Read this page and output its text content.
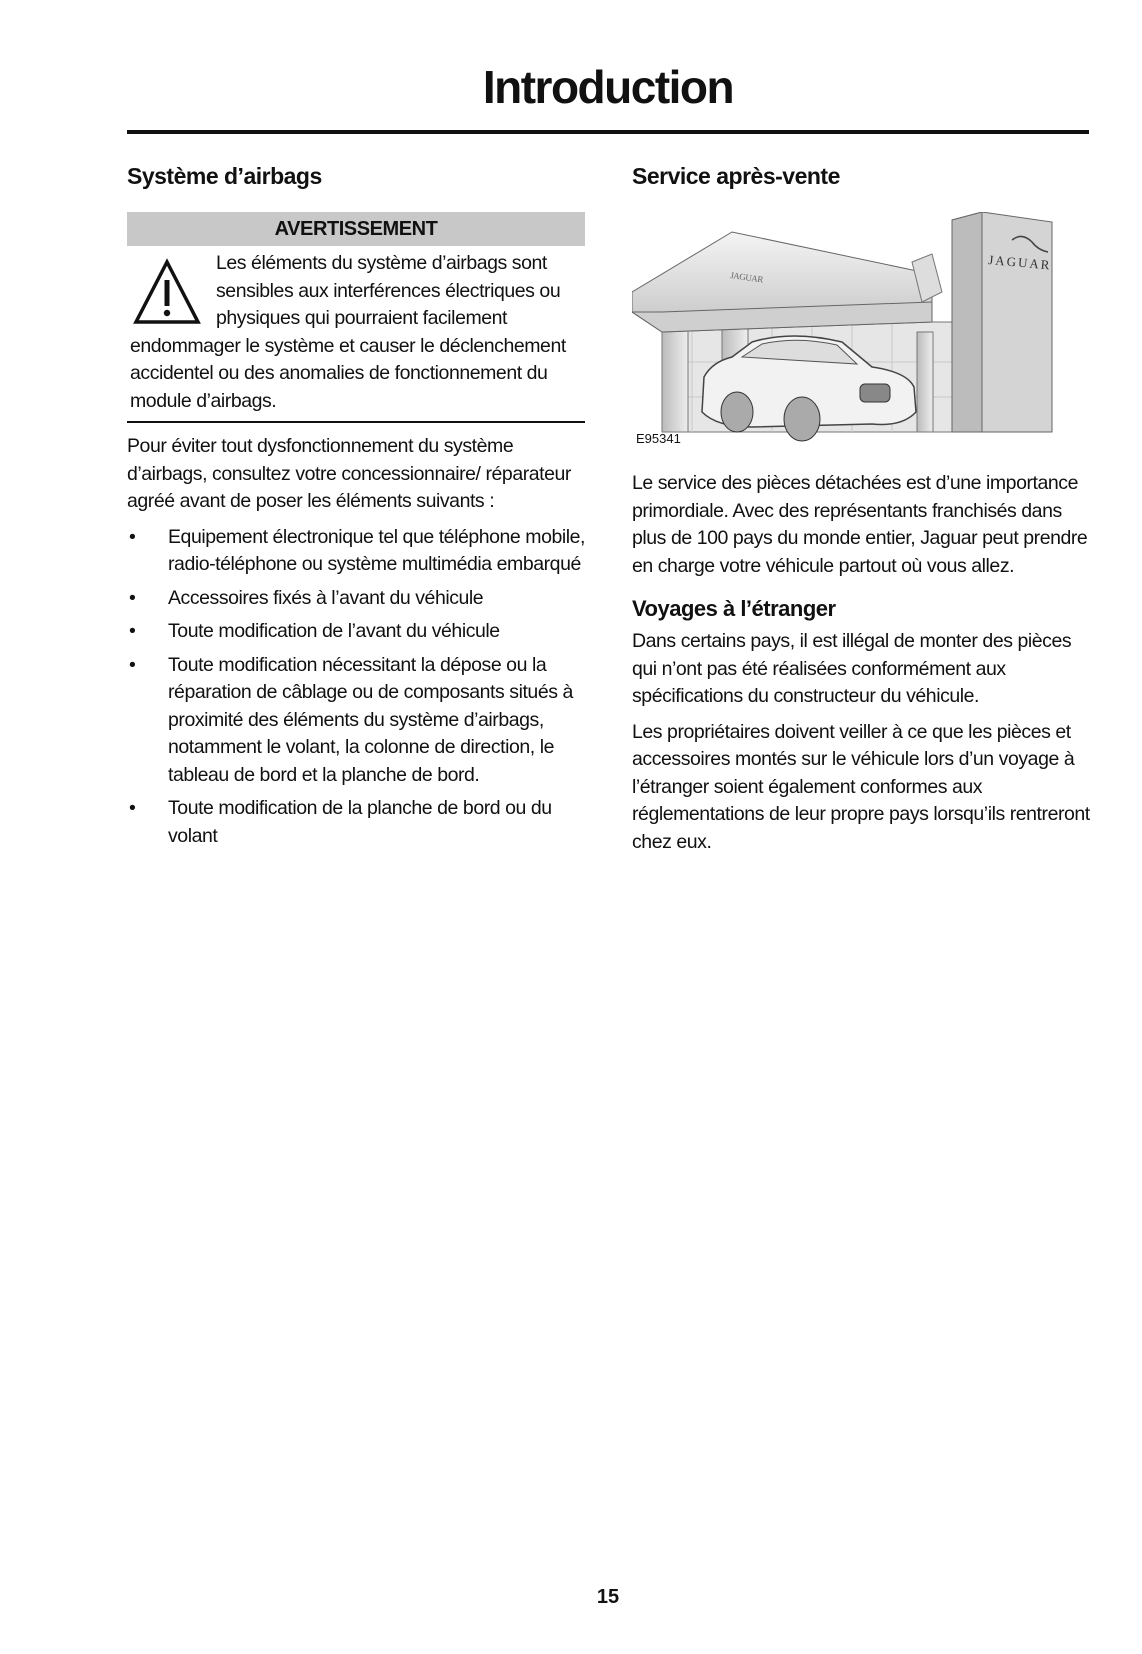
Introduction
Système d’airbags
AVERTISSEMENT
Les éléments du système d’airbags sont sensibles aux interférences électriques ou physiques qui pourraient facilement endommager le système et causer le déclenchement accidentel ou des anomalies de fonctionnement du module d’airbags.

Pour éviter tout dysfonctionnement du système d’airbags, consultez votre concessionnaire/ réparateur agréé avant de poser les éléments suivants :

• Equipement électronique tel que téléphone mobile, radio-téléphone ou système multimédia embarqué
• Accessoires fixés à l’avant du véhicule
• Toute modification de l’avant du véhicule
• Toute modification nécessitant la dépose ou la réparation de câblage ou de composants situés à proximité des éléments du système d’airbags, notamment le volant, la colonne de direction, le tableau de bord et la planche de bord.
• Toute modification de la planche de bord ou du volant
Service après-vente
JAGUAR
JAGUAR
E95341

Le service des pièces détachées est d’une importance primordiale. Avec des représentants franchisés dans plus de 100 pays du monde entier, Jaguar peut prendre en charge votre véhicule partout où vous allez.

Voyages à l’étranger

Dans certains pays, il est illégal de monter des pièces qui n’ont pas été réalisées conformément aux spécifications du constructeur du véhicule.

Les propriétaires doivent veiller à ce que les pièces et accessoires montés sur le véhicule lors d’un voyage à l’étranger soient également conformes aux réglementations de leur propre pays lorsqu’ils rentreront chez eux.

15
